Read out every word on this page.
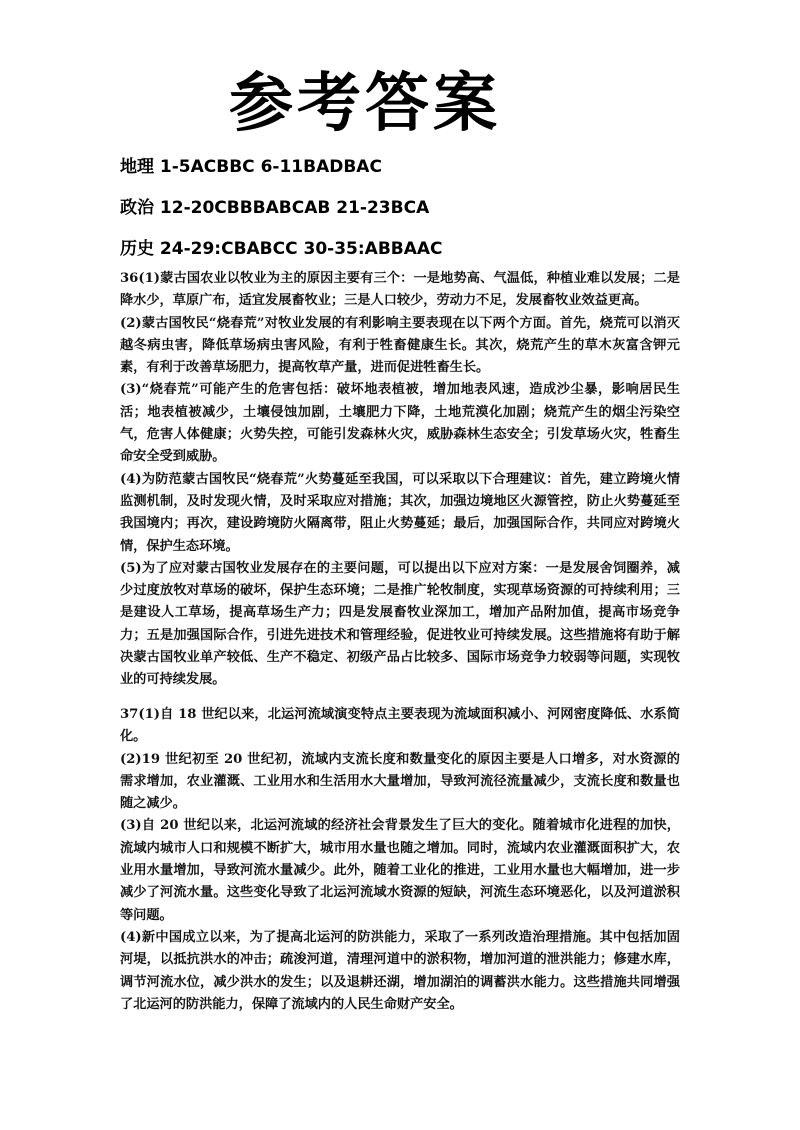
参考答案
地理 1-5ACBBC 6-11BADBAC
政治 12-20CBBBABCAB 21-23BCA
历史 24-29:CBABCC 30-35:ABBAAC

36(1)蒙古国农业以牧业为主的原因主要有三个：一是地势高、气温低，种植业难以发展；二是降水少，草原广布，适宜发展畜牧业；三是人口较少，劳动力不足，发展畜牧业效益更高。

(2)蒙古国牧民“烧春荒”对牧业发展的有利影响主要表现在以下两个方面。首先，烧荒可以消灭越冬病虫害，降低草场病虫害风险，有利于牲畜健康生长。其次，烧荒产生的草木灰富含钾元素，有利于改善草场肥力，提高牧草产量，进而促进牲畜生长。

(3)“烧春荒”可能产生的危害包括：破坏地表植被，增加地表风速，造成沙尘暴，影响居民生活；地表植被减少，土壤侵蚀加剧，土壤肥力下降，土地荒漠化加剧；烧荒产生的烟尘污染空气，危害人体健康；火势失控，可能引发森林火灾，威胁森林生态安全；引发草场火灾，牲畜生命安全受到威胁。

(4)为防范蒙古国牧民“烧春荒”火势蔓延至我国，可以采取以下合理建议：首先，建立跨境火情监测机制，及时发现火情，及时采取应对措施；其次，加强边境地区火源管控，防止火势蔓延至我国境内；再次，建设跨境防火隔离带，阻止火势蔓延；最后，加强国际合作，共同应对跨境火情，保护生态环境。

(5)为了应对蒙古国牧业发展存在的主要问题，可以提出以下应对方案：一是发展舍饲圈养，减少过度放牧对草场的破坏，保护生态环境；二是推广轮牧制度，实现草场资源的可持续利用；三是建设人工草场，提高草场生产力；四是发展畜牧业深加工，增加产品附加值，提高市场竞争力；五是加强国际合作，引进先进技术和管理经验，促进牧业可持续发展。这些措施将有助于解决蒙古国牧业单产较低、生产不稳定、初级产品占比较多、国际市场竞争力较弱等问题，实现牧业的可持续发展。

37(1)自 18 世纪以来，北运河流域演变特点主要表现为流域面积减小、河网密度降低、水系简化。

(2)19 世纪初至 20 世纪初，流域内支流长度和数量变化的原因主要是人口增多，对水资源的需求增加，农业灌溉、工业用水和生活用水大量增加，导致河流径流量减少，支流长度和数量也随之减少。

(3)自 20 世纪以来，北运河流域的经济社会背景发生了巨大的变化。随着城市化进程的加快，流域内城市人口和规模不断扩大，城市用水量也随之增加。同时，流域内农业灌溉面积扩大，农业用水量增加，导致河流水量减少。此外，随着工业化的推进，工业用水量也大幅增加，进一步减少了河流水量。这些变化导致了北运河流域水资源的短缺，河流生态环境恶化，以及河道淤积等问题。

(4)新中国成立以来，为了提高北运河的防洪能力，采取了一系列改造治理措施。其中包括加固河堤，以抵抗洪水的冲击；疏浚河道，清理河道中的淤积物，增加河道的泄洪能力；修建水库，调节河流水位，减少洪水的发生；以及退耕还湖，增加湖泊的调蓄洪水能力。这些措施共同增强了北运河的防洪能力，保障了流域内的人民生命财产安全。
